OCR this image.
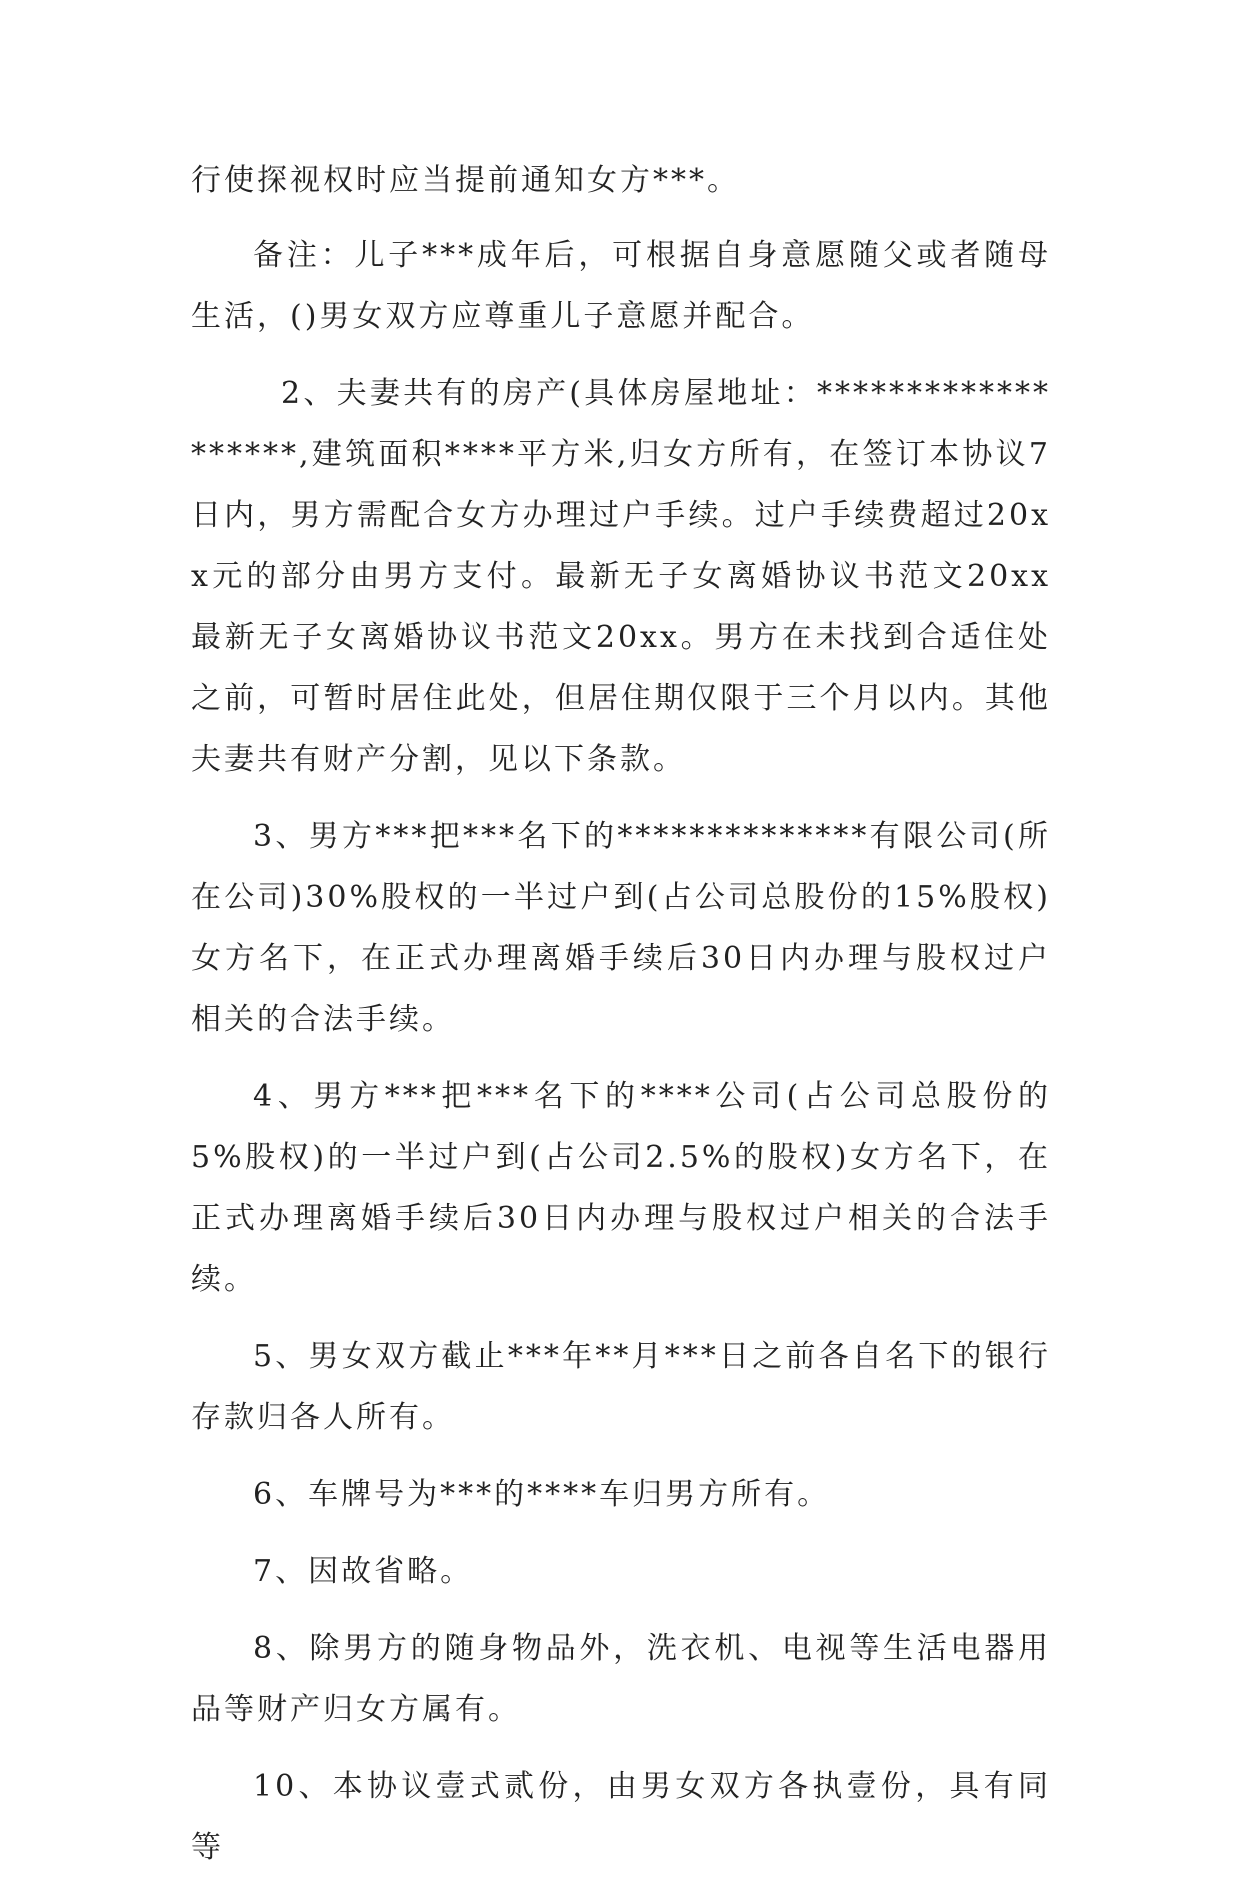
行使探视权时应当提前通知女方***。

备注：儿子***成年后，可根据自身意愿随父或者随母生活，()男女双方应尊重儿子意愿并配合。

2、夫妻共有的房产(具体房屋地址：*******************,建筑面积****平方米,归女方所有，在签订本协议7日内，男方需配合女方办理过户手续。过户手续费超过20xx元的部分由男方支付。最新无子女离婚协议书范文20xx最新无子女离婚协议书范文20xx。男方在未找到合适住处之前，可暂时居住此处，但居住期仅限于三个月以内。其他夫妻共有财产分割，见以下条款。

3、男方***把***名下的**************有限公司(所在公司)30%股权的一半过户到(占公司总股份的15%股权)女方名下，在正式办理离婚手续后30日内办理与股权过户相关的合法手续。

4、男方***把***名下的****公司(占公司总股份的5%股权)的一半过户到(占公司2.5%的股权)女方名下，在正式办理离婚手续后30日内办理与股权过户相关的合法手续。

5、男女双方截止***年**月***日之前各自名下的银行存款归各人所有。

6、车牌号为***的****车归男方所有。

7、因故省略。

8、除男方的随身物品外，洗衣机、电视等生活电器用品等财产归女方属有。

10、本协议壹式贰份，由男女双方各执壹份，具有同等
